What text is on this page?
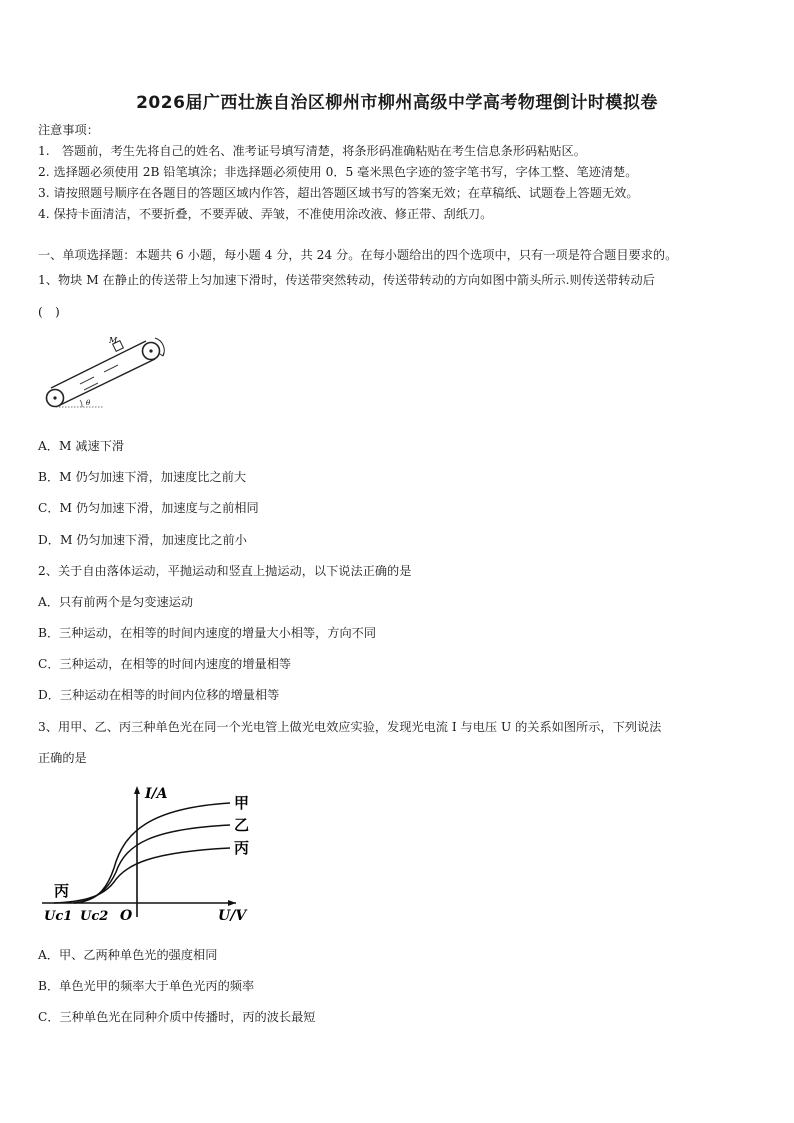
2026届广西壮族自治区柳州市柳州高级中学高考物理倒计时模拟卷
注意事项：
1.　答题前，考生先将自己的姓名、准考证号填写清楚，将条形码准确粘贴在考生信息条形码粘贴区。
2. 选择题必须使用 2B 铅笔填涂；非选择题必须使用 0．5 毫米黑色字迹的签字笔书写，字体工整、笔迹清楚。
3. 请按照题号顺序在各题目的答题区域内作答，超出答题区域书写的答案无效；在草稿纸、试题卷上答题无效。
4. 保持卡面清洁，不要折叠，不要弄破、弄皱，不准使用涂改液、修正带、刮纸刀。
一、单项选择题：本题共 6 小题，每小题 4 分，共 24 分。在每小题给出的四个选项中，只有一项是符合题目要求的。
1、物块 M 在静止的传送带上匀加速下滑时，传送带突然转动，传送带转动的方向如图中箭头所示.则传送带转动后
(　)
M
θ
A．M 减速下滑
B．M 仍匀加速下滑，加速度比之前大
C．M 仍匀加速下滑，加速度与之前相同
D．M 仍匀加速下滑，加速度比之前小
2、关于自由落体运动，平抛运动和竖直上抛运动，以下说法正确的是
A．只有前两个是匀变速运动
B．三种运动，在相等的时间内速度的增量大小相等，方向不同
C．三种运动，在相等的时间内速度的增量相等
D．三种运动在相等的时间内位移的增量相等
3、用甲、乙、丙三种单色光在同一个光电管上做光电效应实验，发现光电流 I 与电压 U 的关系如图所示，下列说法
正确的是
I/A
U/V
O
Uc1 Uc2
甲
乙
丙
丙
A．甲、乙两种单色光的强度相同
B．单色光甲的频率大于单色光丙的频率
C．三种单色光在同种介质中传播时，丙的波长最短
